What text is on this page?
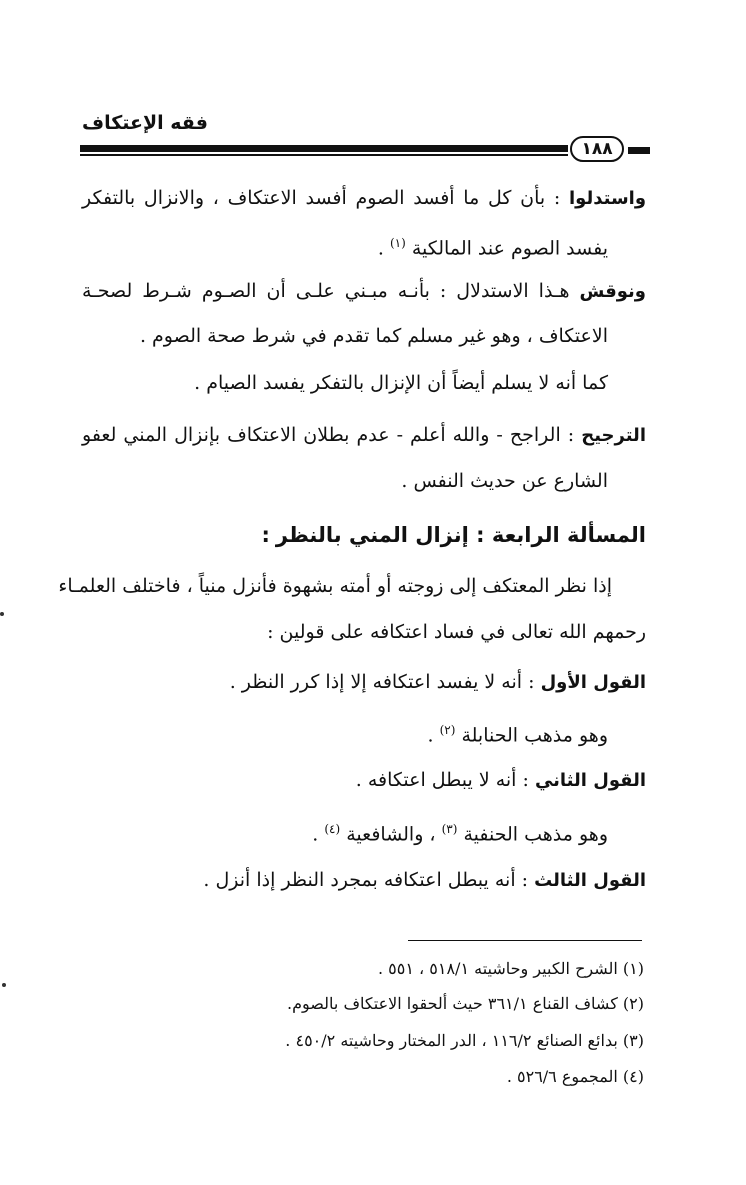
فقه الإعتكاف
١٨٨
واستدلوا : بأن كل ما أفسد الصوم أفسد الاعتكاف ، والانزال بالتفكر
يفسد الصوم عند المالكية $^{(١)}$ .
ونوقش هـذا الاستدلال : بأنـه مبـني علـى أن الصـوم شـرط لصحـة
الاعتكاف ، وهو غير مسلم كما تقدم في شرط صحة الصوم .
كما أنه لا يسلم أيضاً أن الإنزال بالتفكر يفسد الصيام .
الترجيح : الراجح - والله أعلم - عدم بطلان الاعتكاف بإنزال المني لعفو
الشارع عن حديث النفس .
المسألة الرابعة : إنزال المني بالنظر :
إذا نظر المعتكف إلى زوجته أو أمته بشهوة فأنزل منياً ، فاختلف العلمـاء
رحمهم الله تعالى في فساد اعتكافه على قولين :
القول الأول : أنه لا يفسد اعتكافه إلا إذا كرر النظر .
وهو مذهب الحنابلة $^{(٢)}$ .
القول الثاني : أنه لا يبطل اعتكافه .
وهو مذهب الحنفية $^{(٣)}$ ، والشافعية $^{(٤)}$ .
القول الثالث : أنه يبطل اعتكافه بمجرد النظر إذا أنزل .
(١) الشرح الكبير وحاشيته ٥١٨/١ ، ٥٥١ .
(٢) كشاف القناع ٣٦١/١ حيث ألحقوا الاعتكاف بالصوم.
(٣) بدائع الصنائع ١١٦/٢ ، الدر المختار وحاشيته ٤٥٠/٢ .
(٤) المجموع ٥٢٦/٦ .
